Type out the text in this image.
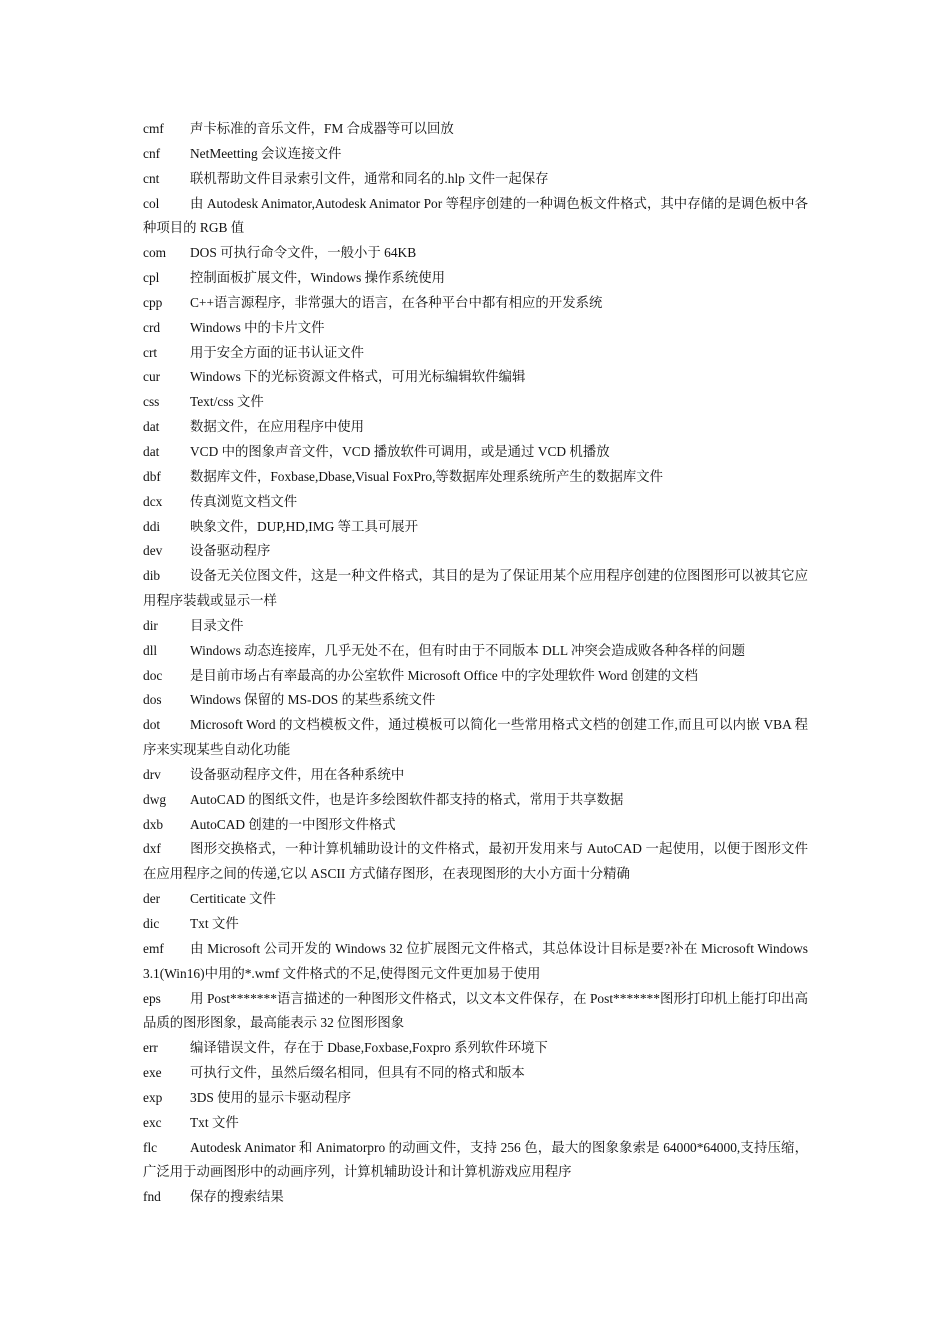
cmf 声卡标准的音乐文件，FM 合成器等可以回放
cnf NetMeetting 会议连接文件
cnt 联机帮助文件目录索引文件，通常和同名的.hlp 文件一起保存
col 由 Autodesk Animator,Autodesk Animator Por 等程序创建的一种调色板文件格式，其中存储的是调色板中各种项目的 RGB 值
com DOS 可执行命令文件，一般小于 64KB
cpl 控制面板扩展文件，Windows 操作系统使用
cpp C++语言源程序，非常强大的语言，在各种平台中都有相应的开发系统
crd Windows 中的卡片文件
crt 用于安全方面的证书认证文件
cur Windows 下的光标资源文件格式，可用光标编辑软件编辑
css Text/css 文件
dat 数据文件，在应用程序中使用
dat VCD 中的图象声音文件，VCD 播放软件可调用，或是通过 VCD 机播放
dbf 数据库文件，Foxbase,Dbase,Visual FoxPro,等数据库处理系统所产生的数据库文件
dcx 传真浏览文档文件
ddi 映象文件，DUP,HD,IMG 等工具可展开
dev 设备驱动程序
dib 设备无关位图文件，这是一种文件格式，其目的是为了保证用某个应用程序创建的位图图形可以被其它应用程序装载或显示一样
dir 目录文件
dll Windows 动态连接库，几乎无处不在，但有时由于不同版本 DLL 冲突会造成败各种各样的问题
doc 是目前市场占有率最高的办公室软件 Microsoft Office 中的字处理软件 Word 创建的文档
dos Windows 保留的 MS-DOS 的某些系统文件
dot Microsoft Word 的文档模板文件，通过模板可以简化一些常用格式文档的创建工作,而且可以内嵌 VBA 程序来实现某些自动化功能
drv 设备驱动程序文件，用在各种系统中
dwg AutoCAD 的图纸文件，也是许多绘图软件都支持的格式，常用于共享数据
dxb AutoCAD 创建的一中图形文件格式
dxf 图形交换格式，一种计算机辅助设计的文件格式，最初开发用来与 AutoCAD 一起使用，以便于图形文件在应用程序之间的传递,它以 ASCII 方式储存图形，在表现图形的大小方面十分精确
der Certiticate 文件
dic Txt 文件
emf 由 Microsoft 公司开发的 Windows 32 位扩展图元文件格式，其总体设计目标是要?补在 Microsoft Windows 3.1(Win16)中用的*.wmf 文件格式的不足,使得图元文件更加易于使用
eps 用 Post*******语言描述的一种图形文件格式，以文本文件保存，在 Post*******图形打印机上能打印出高品质的图形图象，最高能表示 32 位图形图象
err 编译错误文件，存在于 Dbase,Foxbase,Foxpro 系列软件环境下
exe 可执行文件，虽然后缀名相同，但具有不同的格式和版本
exp 3DS 使用的显示卡驱动程序
exc Txt 文件
flc Autodesk Animator 和 Animatorpro 的动画文件，支持 256 色，最大的图象象索是 64000*64000,支持压缩，广泛用于动画图形中的动画序列，计算机辅助设计和计算机游戏应用程序
fnd 保存的搜索结果
